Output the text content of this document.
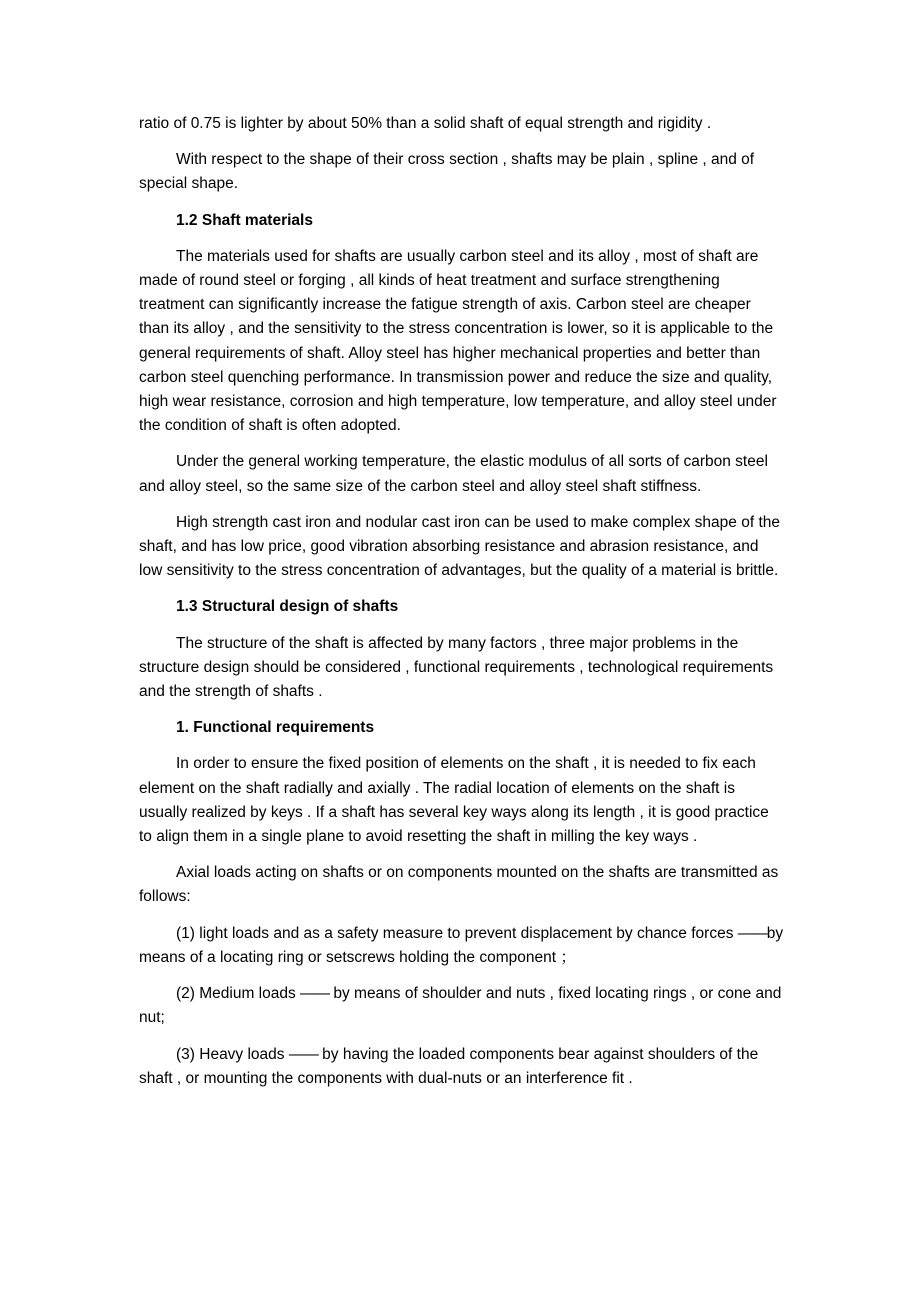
ratio of 0.75 is lighter by about 50% than a solid shaft of equal strength and rigidity .

With respect to the shape of their cross section , shafts may be plain , spline , and of special shape.

1.2 Shaft materials

The materials used for shafts are usually carbon steel and its alloy , most of shaft are made of round steel or forging , all kinds of heat treatment and surface strengthening treatment can significantly increase the fatigue strength of axis. Carbon steel are cheaper than its alloy , and the sensitivity to the stress concentration is lower, so it is applicable to the general requirements of shaft. Alloy steel has higher mechanical properties and better than carbon steel quenching performance. In transmission power and reduce the size and quality, high wear resistance, corrosion and high temperature, low temperature, and alloy steel under the condition of shaft is often adopted.

Under the general working temperature, the elastic modulus of all sorts of carbon steel and alloy steel, so the same size of the carbon steel and alloy steel shaft stiffness.

High strength cast iron and nodular cast iron can be used to make complex shape of the shaft, and has low price, good vibration absorbing resistance and abrasion resistance, and low sensitivity to the stress concentration of advantages, but the quality of a material is brittle.

1.3 Structural design of shafts

The structure of the shaft is affected by many factors , three major problems in the structure design should be considered , functional requirements , technological requirements and the strength of shafts .

1. Functional requirements

In order to ensure the fixed position of elements on the shaft , it is needed to fix each element on the shaft radially and axially . The radial location of elements on the shaft is usually realized by keys . If a shaft has several key ways along its length , it is good practice to align them in a single plane to avoid resetting the shaft in milling the key ways .

Axial loads acting on shafts or on components mounted on the shafts are transmitted as follows:

(1) light loads and as a safety measure to prevent displacement by chance forces ——by means of a locating ring or setscrews holding the component ；

(2) Medium loads —— by means of shoulder and nuts , fixed locating rings , or cone and nut;

(3) Heavy loads —— by having the loaded components bear against shoulders of the shaft , or mounting the components with dual-nuts or an interference fit .
